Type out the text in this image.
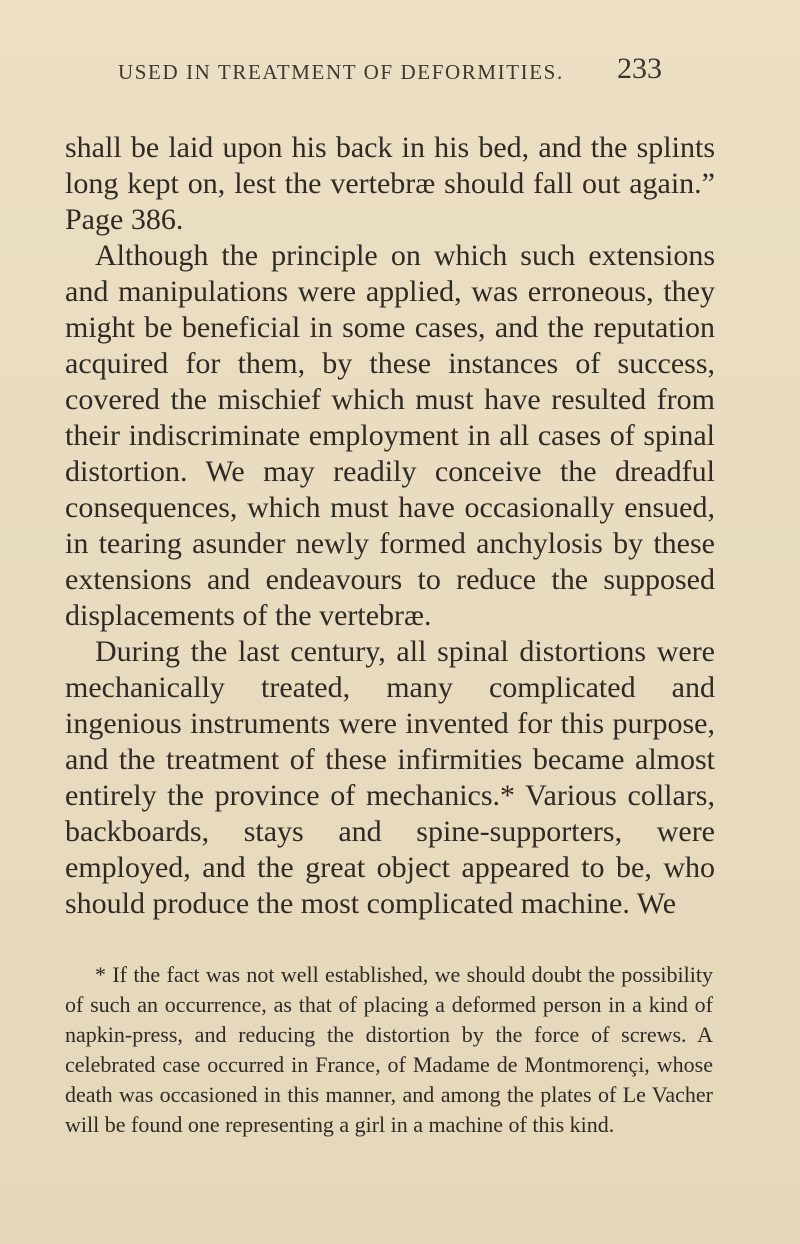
USED IN TREATMENT OF DEFORMITIES. 233

shall be laid upon his back in his bed, and the splints long kept on, lest the vertebræ should fall out again.” Page 386.

Although the principle on which such extensions and manipulations were applied, was erroneous, they might be beneficial in some cases, and the reputation acquired for them, by these instances of success, covered the mischief which must have resulted from their indiscriminate employment in all cases of spinal distortion. We may readily conceive the dreadful consequences, which must have occasionally ensued, in tearing asunder newly formed anchylosis by these extensions and endeavours to reduce the supposed displacements of the vertebræ.

During the last century, all spinal distortions were mechanically treated, many complicated and ingenious instruments were invented for this purpose, and the treatment of these infirmities became almost entirely the province of mechanics.* Various collars, backboards, stays and spine-supporters, were employed, and the great object appeared to be, who should produce the most complicated machine. We

* If the fact was not well established, we should doubt the possibility of such an occurrence, as that of placing a deformed person in a kind of napkin-press, and reducing the distortion by the force of screws. A celebrated case occurred in France, of Madame de Montmorençi, whose death was occasioned in this manner, and among the plates of Le Vacher will be found one representing a girl in a machine of this kind.
